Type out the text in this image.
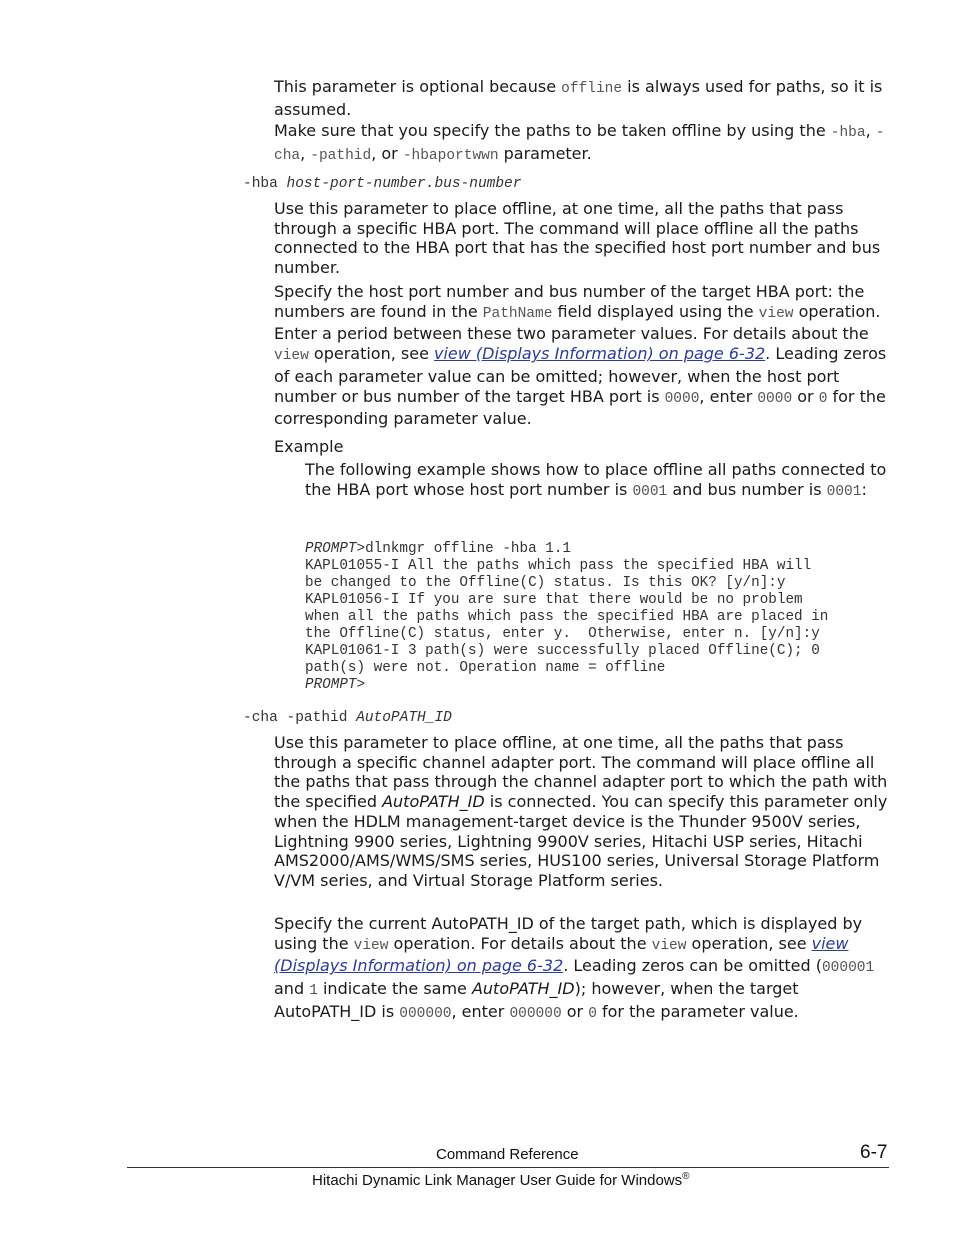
This parameter is optional because offline is always used for paths, so it is assumed.

Make sure that you specify the paths to be taken offline by using the -hba, -cha, -pathid, or -hbaportwwn parameter.

-hba host-port-number.bus-number

Use this parameter to place offline, at one time, all the paths that pass through a specific HBA port. The command will place offline all the paths connected to the HBA port that has the specified host port number and bus number.

Specify the host port number and bus number of the target HBA port: the numbers are found in the PathName field displayed using the view operation. Enter a period between these two parameter values. For details about the view operation, see view (Displays Information) on page 6-32. Leading zeros of each parameter value can be omitted; however, when the host port number or bus number of the target HBA port is 0000, enter 0000 or 0 for the corresponding parameter value.

Example

The following example shows how to place offline all paths connected to the HBA port whose host port number is 0001 and bus number is 0001:

PROMPT>dlnkmgr offline -hba 1.1
KAPL01055-I All the paths which pass the specified HBA will
be changed to the Offline(C) status. Is this OK? [y/n]:y
KAPL01056-I If you are sure that there would be no problem
when all the paths which pass the specified HBA are placed in
the Offline(C) status, enter y.  Otherwise, enter n. [y/n]:y
KAPL01061-I 3 path(s) were successfully placed Offline(C); 0
path(s) were not. Operation name = offline
PROMPT>
-cha -pathid AutoPATH_ID

Use this parameter to place offline, at one time, all the paths that pass through a specific channel adapter port. The command will place offline all the paths that pass through the channel adapter port to which the path with the specified AutoPATH_ID is connected. You can specify this parameter only when the HDLM management-target device is the Thunder 9500V series, Lightning 9900 series, Lightning 9900V series, Hitachi USP series, Hitachi AMS2000/AMS/WMS/SMS series, HUS100 series, Universal Storage Platform V/VM series, and Virtual Storage Platform series.

Specify the current AutoPATH_ID of the target path, which is displayed by using the view operation. For details about the view operation, see view (Displays Information) on page 6-32. Leading zeros can be omitted (000001 and 1 indicate the same AutoPATH_ID); however, when the target AutoPATH_ID is 000000, enter 000000 or 0 for the parameter value.

Command Reference	6-7
Hitachi Dynamic Link Manager User Guide for Windows®
